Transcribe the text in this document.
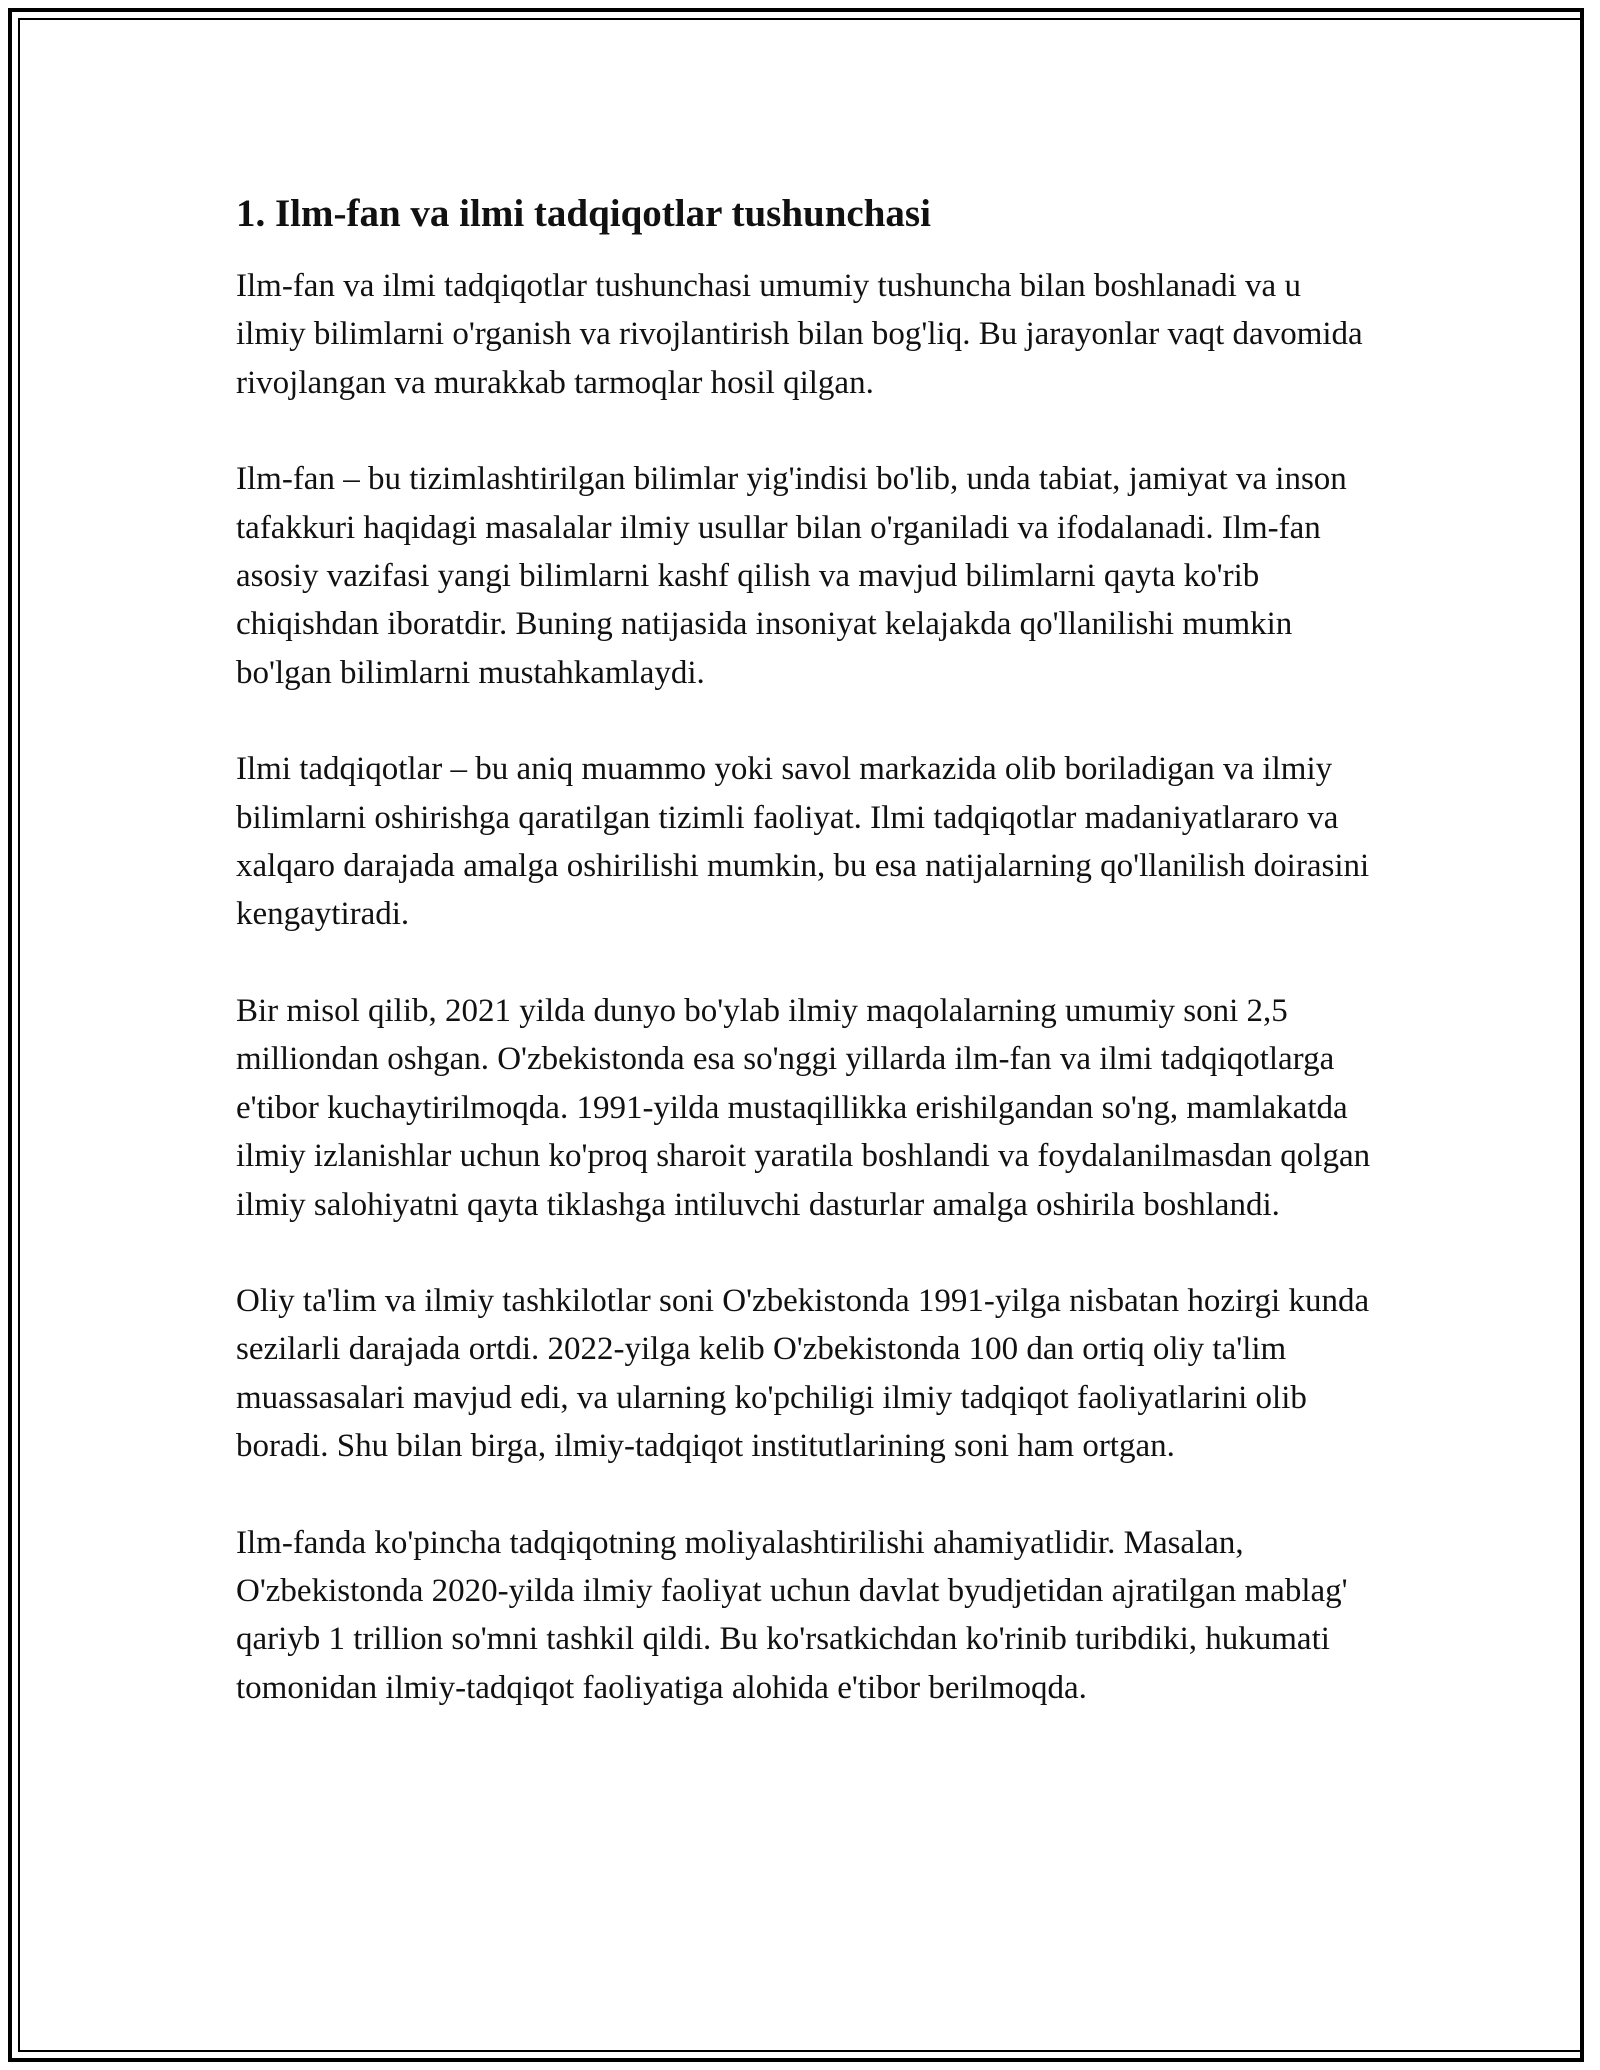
1. Ilm-fan va ilmi tadqiqotlar tushunchasi

Ilm-fan va ilmi tadqiqotlar tushunchasi umumiy tushuncha bilan boshlanadi va u ilmiy bilimlarni o'rganish va rivojlantirish bilan bog'liq. Bu jarayonlar vaqt davomida rivojlangan va murakkab tarmoqlar hosil qilgan.

Ilm-fan – bu tizimlashtirilgan bilimlar yig'indisi bo'lib, unda tabiat, jamiyat va inson tafakkuri haqidagi masalalar ilmiy usullar bilan o'rganiladi va ifodalanadi. Ilm-fan asosiy vazifasi yangi bilimlarni kashf qilish va mavjud bilimlarni qayta ko'rib chiqishdan iboratdir. Buning natijasida insoniyat kelajakda qo'llanilishi mumkin bo'lgan bilimlarni mustahkamlaydi.

Ilmi tadqiqotlar – bu aniq muammo yoki savol markazida olib boriladigan va ilmiy bilimlarni oshirishga qaratilgan tizimli faoliyat. Ilmi tadqiqotlar madaniyatlararo va xalqaro darajada amalga oshirilishi mumkin, bu esa natijalarning qo'llanilish doirasini kengaytiradi.

Bir misol qilib, 2021 yilda dunyo bo'ylab ilmiy maqolalarning umumiy soni 2,5 milliondan oshgan. O'zbekistonda esa so'nggi yillarda ilm-fan va ilmi tadqiqotlarga e'tibor kuchaytirilmoqda. 1991-yilda mustaqillikka erishilgandan so'ng, mamlakatda ilmiy izlanishlar uchun ko'proq sharoit yaratila boshlandi va foydalanilmasdan qolgan ilmiy salohiyatni qayta tiklashga intiluvchi dasturlar amalga oshirila boshlandi.

Oliy ta'lim va ilmiy tashkilotlar soni O'zbekistonda 1991-yilga nisbatan hozirgi kunda sezilarli darajada ortdi. 2022-yilga kelib O'zbekistonda 100 dan ortiq oliy ta'lim muassasalari mavjud edi, va ularning ko'pchiligi ilmiy tadqiqot faoliyatlarini olib boradi. Shu bilan birga, ilmiy-tadqiqot institutlarining soni ham ortgan.

Ilm-fanda ko'pincha tadqiqotning moliyalashtirilishi ahamiyatlidir. Masalan, O'zbekistonda 2020-yilda ilmiy faoliyat uchun davlat byudjetidan ajratilgan mablag' qariyb 1 trillion so'mni tashkil qildi. Bu ko'rsatkichdan ko'rinib turibdiki, hukumati tomonidan ilmiy-tadqiqot faoliyatiga alohida e'tibor berilmoqda.
